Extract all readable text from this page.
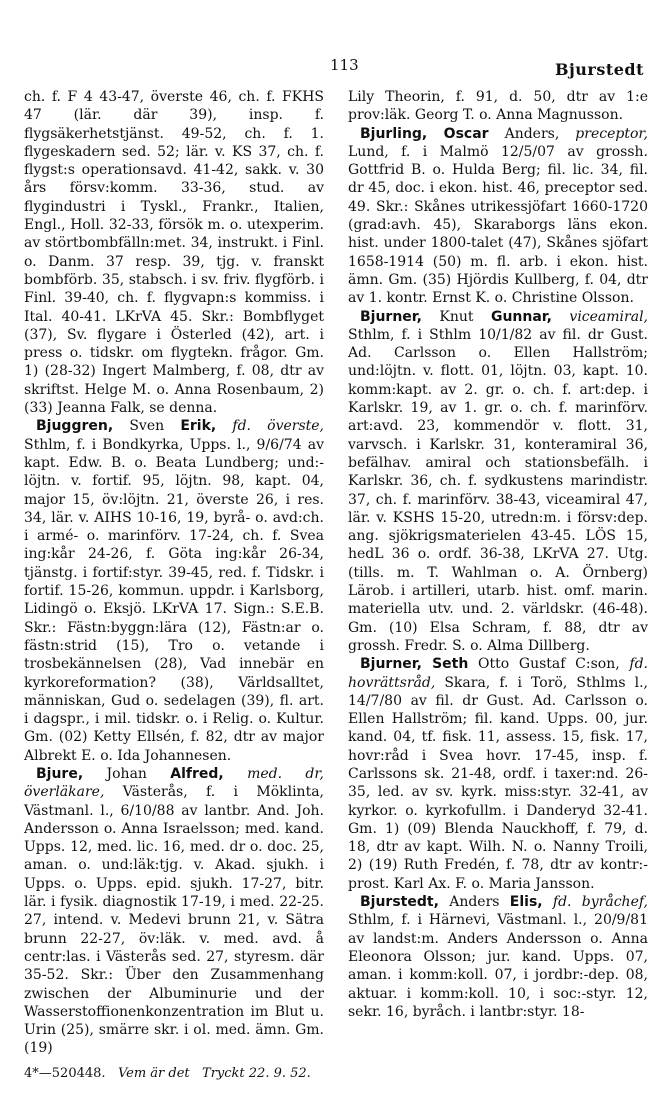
113	Bjurstedt

ch. f. F 4 43-47, överste 46, ch. f. FKHS 47 (lär. där 39), insp. f. flygsäkerhetstjänst. 49-52, ch. f. 1. flygeskadern sed. 52; lär. v. KS 37, ch. f. flygst:s operationsavd. 41-42, sakk. v. 30 års försv:komm. 33-36, stud. av flygindustri i Tyskl., Frankr., Italien, Engl., Holl. 32-33, försök m. o. utexperim. av störtbombfälln:met. 34, instrukt. i Finl. o. Danm. 37 resp. 39, tjg. v. franskt bombförb. 35, stabsch. i sv. friv. flygförb. i Finl. 39-40, ch. f. flygvapn:s kommiss. i Ital. 40-41. LKrVA 45. Skr.: Bombflyget (37), Sv. flygare i Österled (42), art. i press o. tidskr. om flygtekn. frågor. Gm. 1) (28-32) Ingert Malmberg, f. 08, dtr av skriftst. Helge M. o. Anna Rosenbaum, 2) (33) Jeanna Falk, se denna.

Bjuggren, Sven Erik, fd. överste, Sthlm, f. i Bondkyrka, Upps. l., 9/6/74 av kapt. Edw. B. o. Beata Lundberg; und:-löjtn. v. fortif. 95, löjtn. 98, kapt. 04, major 15, öv:löjtn. 21, överste 26, i res. 34, lär. v. AIHS 10-16, 19, byrå- o. avd:ch. i armé- o. marinförv. 17-24, ch. f. Svea ing:kår 24-26, f. Göta ing:kår 26-34, tjänstg. i fortif:styr. 39-45, red. f. Tidskr. i fortif. 15-26, kommun. uppdr. i Karlsborg, Lidingö o. Eksjö. LKrVA 17. Sign.: S.E.B. Skr.: Fästn:byggn:lära (12), Fästn:ar o. fästn:strid (15), Tro o. vetande i trosbekännelsen (28), Vad innebär en kyrkoreformation? (38), Världsalltet, människan, Gud o. sedelagen (39), fl. art. i dagspr., i mil. tidskr. o. i Relig. o. Kultur. Gm. (02) Ketty Ellsén, f. 82, dtr av major Albrekt E. o. Ida Johannesen.

Bjure, Johan Alfred, med. dr, överläkare, Västerås, f. i Möklinta, Västmanl. l., 6/10/88 av lantbr. And. Joh. Andersson o. Anna Israelsson; med. kand. Upps. 12, med. lic. 16, med. dr o. doc. 25, aman. o. und:läk:tjg. v. Akad. sjukh. i Upps. o. Upps. epid. sjukh. 17-27, bitr. lär. i fysik. diagnostik 17-19, i med. 22-25. 27, intend. v. Medevi brunn 21, v. Sätra brunn 22-27, öv:läk. v. med. avd. å centr:las. i Västerås sed. 27, styresm. där 35-52. Skr.: Über den Zusammenhang zwischen der Albuminurie und der Wasserstoffionenkonzentration im Blut u. Urin (25), smärre skr. i ol. med. ämn. Gm. (19)

Lily Theorin, f. 91, d. 50, dtr av 1:e prov:läk. Georg T. o. Anna Magnusson.

Bjurling, Oscar Anders, preceptor, Lund, f. i Malmö 12/5/07 av grossh. Gottfrid B. o. Hulda Berg; fil. lic. 34, fil. dr 45, doc. i ekon. hist. 46, preceptor sed. 49. Skr.: Skånes utrikessjöfart 1660-1720 (grad:avh. 45), Skaraborgs läns ekon. hist. under 1800-talet (47), Skånes sjöfart 1658-1914 (50) m. fl. arb. i ekon. hist. ämn. Gm. (35) Hjördis Kullberg, f. 04, dtr av 1. kontr. Ernst K. o. Christine Olsson.

Bjurner, Knut Gunnar, viceamiral, Sthlm, f. i Sthlm 10/1/82 av fil. dr Gust. Ad. Carlsson o. Ellen Hallström; und:löjtn. v. flott. 01, löjtn. 03, kapt. 10. komm:kapt. av 2. gr. o. ch. f. art:dep. i Karlskr. 19, av 1. gr. o. ch. f. marinförv. art:avd. 23, kommendör v. flott. 31, varvsch. i Karlskr. 31, konteramiral 36, befälhav. amiral och stationsbefälh. i Karlskr. 36, ch. f. sydkustens marindistr. 37, ch. f. marinförv. 38-43, viceamiral 47, lär. v. KSHS 15-20, utredn:m. i försv:dep. ang. sjökrigsmaterielen 43-45. LÖS 15, hedL 36 o. ordf. 36-38, LKrVA 27. Utg. (tills. m. T. Wahlman o. A. Örnberg) Lärob. i artilleri, utarb. hist. omf. marin. materiella utv. und. 2. världskr. (46-48). Gm. (10) Elsa Schram, f. 88, dtr av grossh. Fredr. S. o. Alma Dillberg.

Bjurner, Seth Otto Gustaf C:son, fd. hovrättsråd, Skara, f. i Torö, Sthlms l., 14/7/80 av fil. dr Gust. Ad. Carlsson o. Ellen Hallström; fil. kand. Upps. 00, jur. kand. 04, tf. fisk. 11, assess. 15, fisk. 17, hovr:råd i Svea hovr. 17-45, insp. f. Carlssons sk. 21-48, ordf. i taxer:nd. 26-35, led. av sv. kyrk. miss:styr. 32-41, av kyrkor. o. kyrkofullm. i Danderyd 32-41. Gm. 1) (09) Blenda Nauckhoff, f. 79, d. 18, dtr av kapt. Wilh. N. o. Nanny Troili, 2) (19) Ruth Fredén, f. 78, dtr av kontr:-prost. Karl Ax. F. o. Maria Jansson.

Bjurstedt, Anders Elis, fd. byråchef, Sthlm, f. i Härnevi, Västmanl. l., 20/9/81 av landst:m. Anders Andersson o. Anna Eleonora Olsson; jur. kand. Upps. 07, aman. i komm:koll. 07, i jordbr:-dep. 08, aktuar. i komm:koll. 10, i soc:-styr. 12, sekr. 16, byråch. i lantbr:styr. 18-

4*—520448. Vem är det Tryckt 22. 9. 52.
